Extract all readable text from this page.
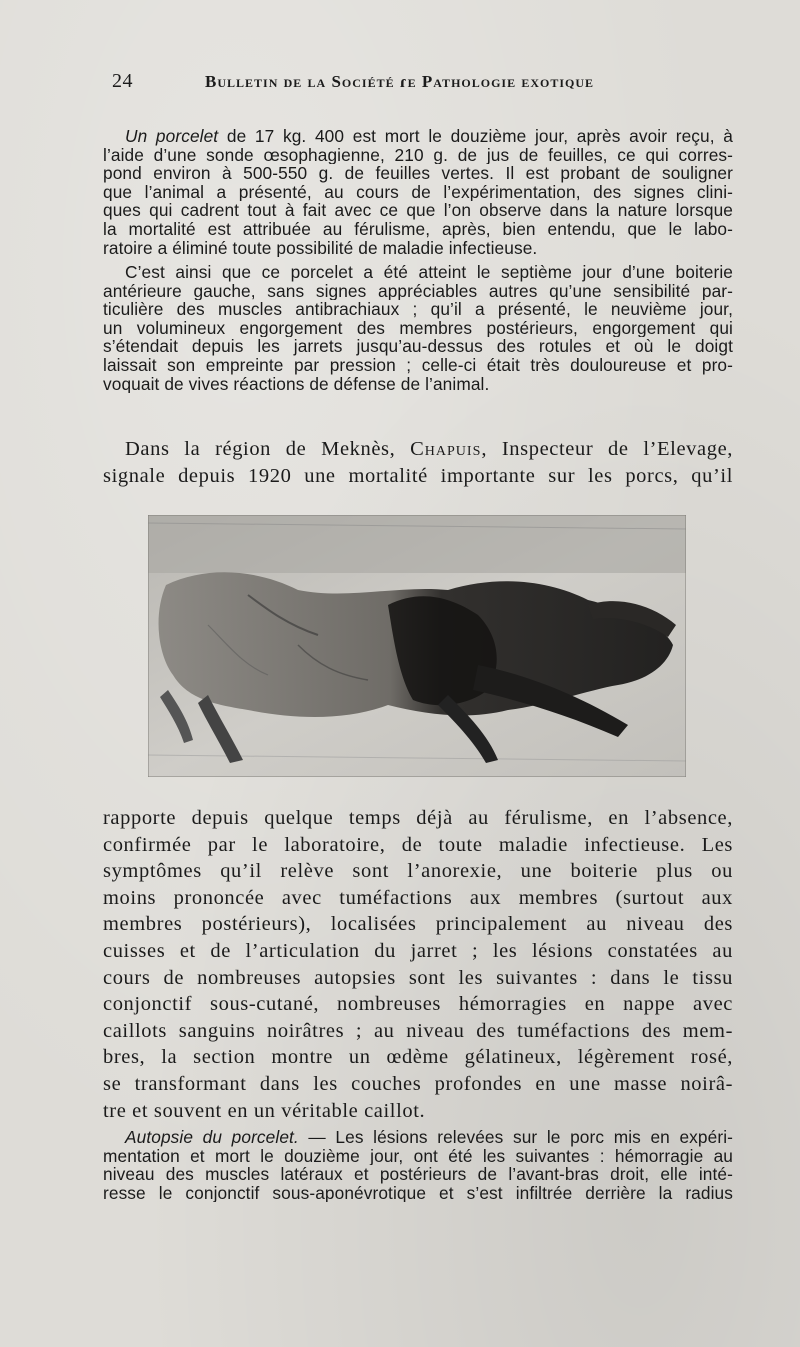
24	Bulletin de la Société ɾe Pathologie exotique
Un porcelet de 17 kg. 400 est mort le douzième jour, après avoir reçu, à
l’aide d’une sonde œsophagienne, 210 g. de jus de feuilles, ce qui corres-
pond environ à 500-550 g. de feuilles vertes. Il est probant de souligner
que l’animal a présenté, au cours de l’expérimentation, des signes clini-
ques qui cadrent tout à fait avec ce que l’on observe dans la nature lorsque
la mortalité est attribuée au férulisme, après, bien entendu, que le labo-
ratoire a éliminé toute possibilité de maladie infectieuse.
C’est ainsi que ce porcelet a été atteint le septième jour d’une boiterie
antérieure gauche, sans signes appréciables autres qu’une sensibilité par-
ticulière des muscles antibrachiaux ; qu’il a présenté, le neuvième jour,
un volumineux engorgement des membres postérieurs, engorgement qui
s’étendait depuis les jarrets jusqu’au-dessus des rotules et où le doigt
laissait son empreinte par pression ; celle-ci était très douloureuse et pro-
voquait de vives réactions de défense de l’animal.
Dans la région de Meknès, Chapuis, Inspecteur de l’Elevage,
signale depuis 1920 une mortalité importante sur les porcs, qu’il
rapporte depuis quelque temps déjà au férulisme, en l’absence,
confirmée par le laboratoire, de toute maladie infectieuse. Les
symptômes qu’il relève sont l’anorexie, une boiterie plus ou
moins prononcée avec tuméfactions aux membres (surtout aux
membres postérieurs), localisées principalement au niveau des
cuisses et de l’articulation du jarret ; les lésions constatées au
cours de nombreuses autopsies sont les suivantes : dans le tissu
conjonctif sous-cutané, nombreuses hémorragies en nappe avec
caillots sanguins noirâtres ; au niveau des tuméfactions des mem-
bres, la section montre un œdème gélatineux, légèrement rosé,
se transformant dans les couches profondes en une masse noirâ-
tre et souvent en un véritable caillot.
Autopsie du porcelet. — Les lésions relevées sur le porc mis en expéri-
mentation et mort le douzième jour, ont été les suivantes : hémorragie au
niveau des muscles latéraux et postérieurs de l’avant-bras droit, elle inté-
resse le conjonctif sous-aponévrotique et s’est infiltrée derrière la radius
